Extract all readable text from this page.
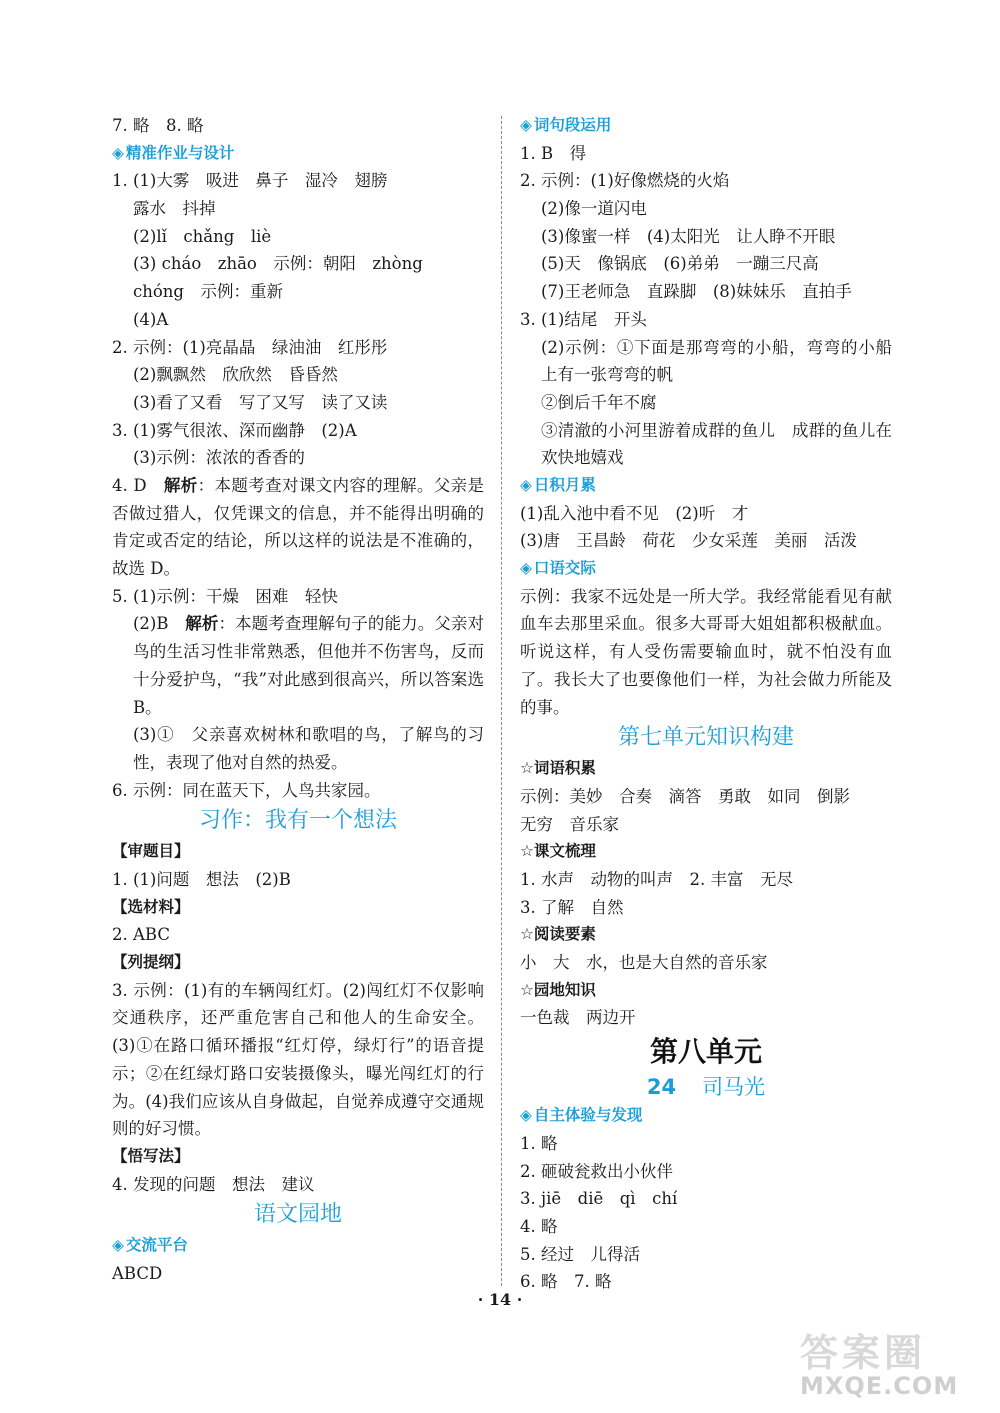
7. 略　8. 略
◈ 精准作业与设计
1. (1)大雾　吸进　鼻子　湿冷　翅膀
露水　抖掉
(2)lǐ　chǎng　liè
(3) cháo　zhāo　示例：朝阳　zhòng
chóng　示例：重新
(4)A
2. 示例：(1)亮晶晶　绿油油　红彤彤
(2)飘飘然　欣欣然　昏昏然
(3)看了又看　写了又写　读了又读
3. (1)雾气很浓、深而幽静　(2)A
(3)示例：浓浓的香香的
4. D　解析：本题考查对课文内容的理解。父亲是否做过猎人，仅凭课文的信息，并不能得出明确的肯定或否定的结论，所以这样的说法是不准确的，故选 D。
5. (1)示例：干燥　困难　轻快
(2)B　解析：本题考查理解句子的能力。父亲对鸟的生活习性非常熟悉，但他并不伤害鸟，反而十分爱护鸟，“我”对此感到很高兴，所以答案选 B。
(3)①　父亲喜欢树林和歌唱的鸟，了解鸟的习性，表现了他对自然的热爱。
6. 示例：同在蓝天下，人鸟共家园。
习作：我有一个想法
【审题目】
1. (1)问题　想法　(2)B
【选材料】
2. ABC
【列提纲】
3. 示例：(1)有的车辆闯红灯。(2)闯红灯不仅影响交通秩序，还严重危害自己和他人的生命安全。(3)①在路口循环播报“红灯停，绿灯行”的语音提示；②在红绿灯路口安装摄像头，曝光闯红灯的行为。(4)我们应该从自身做起，自觉养成遵守交通规则的好习惯。
【悟写法】
4. 发现的问题　想法　建议
语文园地
◈ 交流平台
ABCD
◈ 词句段运用
1. B　得
2. 示例：(1)好像燃烧的火焰
(2)像一道闪电
(3)像蜜一样　(4)太阳光　让人睁不开眼
(5)天　像锅底　(6)弟弟　一蹦三尺高
(7)王老师急　直跺脚　(8)妹妹乐　直拍手
3. (1)结尾　开头
(2)示例：①下面是那弯弯的小船，弯弯的小船上有一张弯弯的帆
②倒后千年不腐
③清澈的小河里游着成群的鱼儿　成群的鱼儿在欢快地嬉戏
◈ 日积月累
(1)乱入池中看不见　(2)听　才
(3)唐　王昌龄　荷花　少女采莲　美丽　活泼
◈ 口语交际
示例：我家不远处是一所大学。我经常能看见有献血车去那里采血。很多大哥哥大姐姐都积极献血。听说这样，有人受伤需要输血时，就不怕没有血了。我长大了也要像他们一样，为社会做力所能及的事。
第七单元知识构建
☆词语积累
示例：美妙　合奏　滴答　勇敢　如同　倒影
无穷　音乐家
☆课文梳理
1. 水声　动物的叫声　2. 丰富　无尽
3. 了解　自然
☆阅读要素
小　大　水，也是大自然的音乐家
☆园地知识
一色裁　两边开
第八单元
24 司马光
◈ 自主体验与发现
1. 略
2. 砸破瓮救出小伙伴
3. jiē　diē　qì　chí
4. 略
5. 经过　儿得活
6. 略　7. 略
· 14 ·
答案圈
MXQE.COM
